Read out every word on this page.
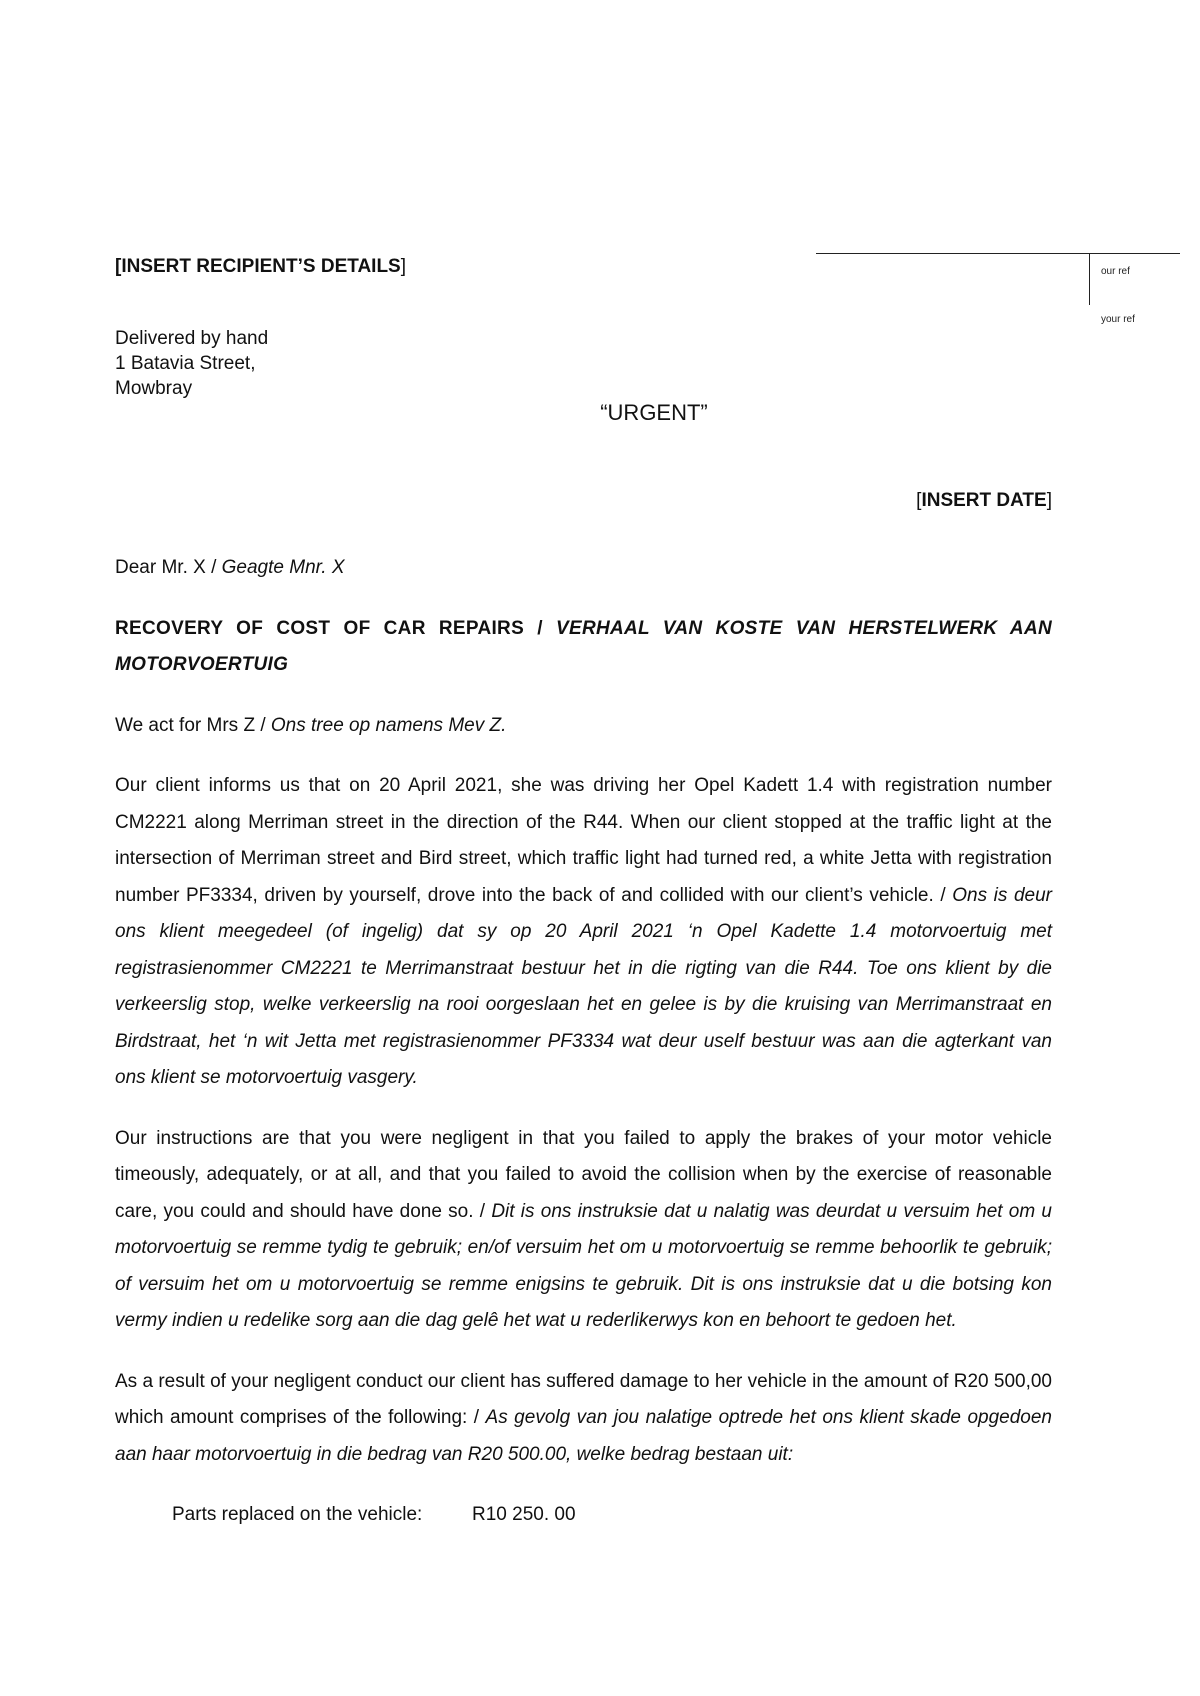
[INSERT RECIPIENT’S DETAILS]	our ref
your ref
Delivered by hand
1 Batavia Street,
Mowbray
“URGENT”
[INSERT DATE]

Dear Mr. X / Geagte Mnr. X

RECOVERY OF COST OF CAR REPAIRS / VERHAAL VAN KOSTE VAN HERSTELWERK AAN MOTORVOERTUIG

We act for Mrs Z / Ons tree op namens Mev Z.

Our client informs us that on 20 April 2021, she was driving her Opel Kadett 1.4 with registration number CM2221 along Merriman street in the direction of the R44. When our client stopped at the traffic light at the intersection of Merriman street and Bird street, which traffic light had turned red, a white Jetta with registration number PF3334, driven by yourself, drove into the back of and collided with our client’s vehicle. / Ons is deur ons klient meegedeel (of ingelig) dat sy op 20 April 2021 ‘n Opel Kadette 1.4 motorvoertuig met registrasienommer CM2221 te Merrimanstraat bestuur het in die rigting van die R44. Toe ons klient by die verkeerslig stop, welke verkeerslig na rooi oorgeslaan het en gelee is by die kruising van Merrimanstraat en Birdstraat, het ‘n wit Jetta met registrasienommer PF3334 wat deur uself bestuur was aan die agterkant van ons klient se motorvoertuig vasgery.

Our instructions are that you were negligent in that you failed to apply the brakes of your motor vehicle timeously, adequately, or at all, and that you failed to avoid the collision when by the exercise of reasonable care, you could and should have done so. / Dit is ons instruksie dat u nalatig was deurdat u versuim het om u motorvoertuig se remme tydig te gebruik; en/of versuim het om u motorvoertuig se remme behoorlik te gebruik; of versuim het om u motorvoertuig se remme enigsins te gebruik. Dit is ons instruksie dat u die botsing kon vermy indien u redelike sorg aan die dag gelê het wat u rederlikerwys kon en behoort te gedoen het.

As a result of your negligent conduct our client has suffered damage to her vehicle in the amount of R20 500,00 which amount comprises of the following: / As gevolg van jou nalatige optrede het ons klient skade opgedoen aan haar motorvoertuig in die bedrag van R20 500.00, welke bedrag bestaan uit:

Parts replaced on the vehicle:	R10 250. 00
